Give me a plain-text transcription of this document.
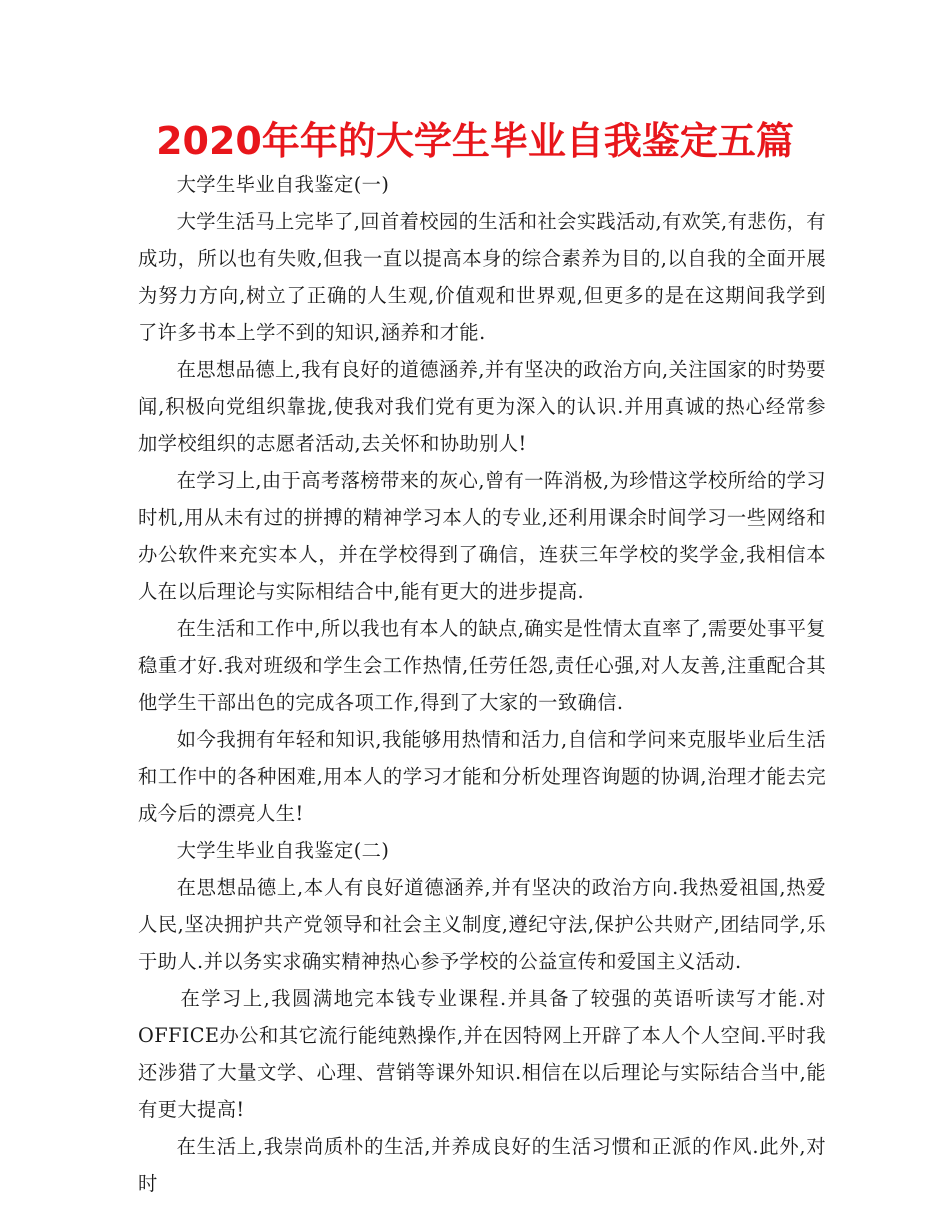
2020年年的大学生毕业自我鉴定五篇

大学生毕业自我鉴定(一)

大学生活马上完毕了,回首着校园的生活和社会实践活动,有欢笑,有悲伤，有成功，所以也有失败,但我一直以提高本身的综合素养为目的,以自我的全面开展为努力方向,树立了正确的人生观,价值观和世界观,但更多的是在这期间我学到了许多书本上学不到的知识,涵养和才能.

在思想品德上,我有良好的道德涵养,并有坚决的政治方向,关注国家的时势要闻,积极向党组织靠拢,使我对我们党有更为深入的认识.并用真诚的热心经常参加学校组织的志愿者活动,去关怀和协助别人!

在学习上,由于高考落榜带来的灰心,曾有一阵消极,为珍惜这学校所给的学习时机,用从未有过的拼搏的精神学习本人的专业,还利用课余时间学习一些网络和办公软件来充实本人，并在学校得到了确信，连获三年学校的奖学金,我相信本人在以后理论与实际相结合中,能有更大的进步提高.

在生活和工作中,所以我也有本人的缺点,确实是性情太直率了,需要处事平复稳重才好.我对班级和学生会工作热情,任劳任怨,责任心强,对人友善,注重配合其他学生干部出色的完成各项工作,得到了大家的一致确信.

如今我拥有年轻和知识,我能够用热情和活力,自信和学问来克服毕业后生活和工作中的各种困难,用本人的学习才能和分析处理咨询题的协调,治理才能去完成今后的漂亮人生!

大学生毕业自我鉴定(二)

在思想品德上,本人有良好道德涵养,并有坚决的政治方向.我热爱祖国,热爱人民,坚决拥护共产党领导和社会主义制度,遵纪守法,保护公共财产,团结同学,乐于助人.并以务实求确实精神热心参予学校的公益宣传和爱国主义活动.

在学习上,我圆满地完本钱专业课程.并具备了较强的英语听读写才能.对OFFICE办公和其它流行能纯熟操作,并在因特网上开辟了本人个人空间.平时我还涉猎了大量文学、心理、营销等课外知识.相信在以后理论与实际结合当中,能有更大提高!

在生活上,我崇尚质朴的生活,并养成良好的生活习惯和正派的作风.此外,对时
